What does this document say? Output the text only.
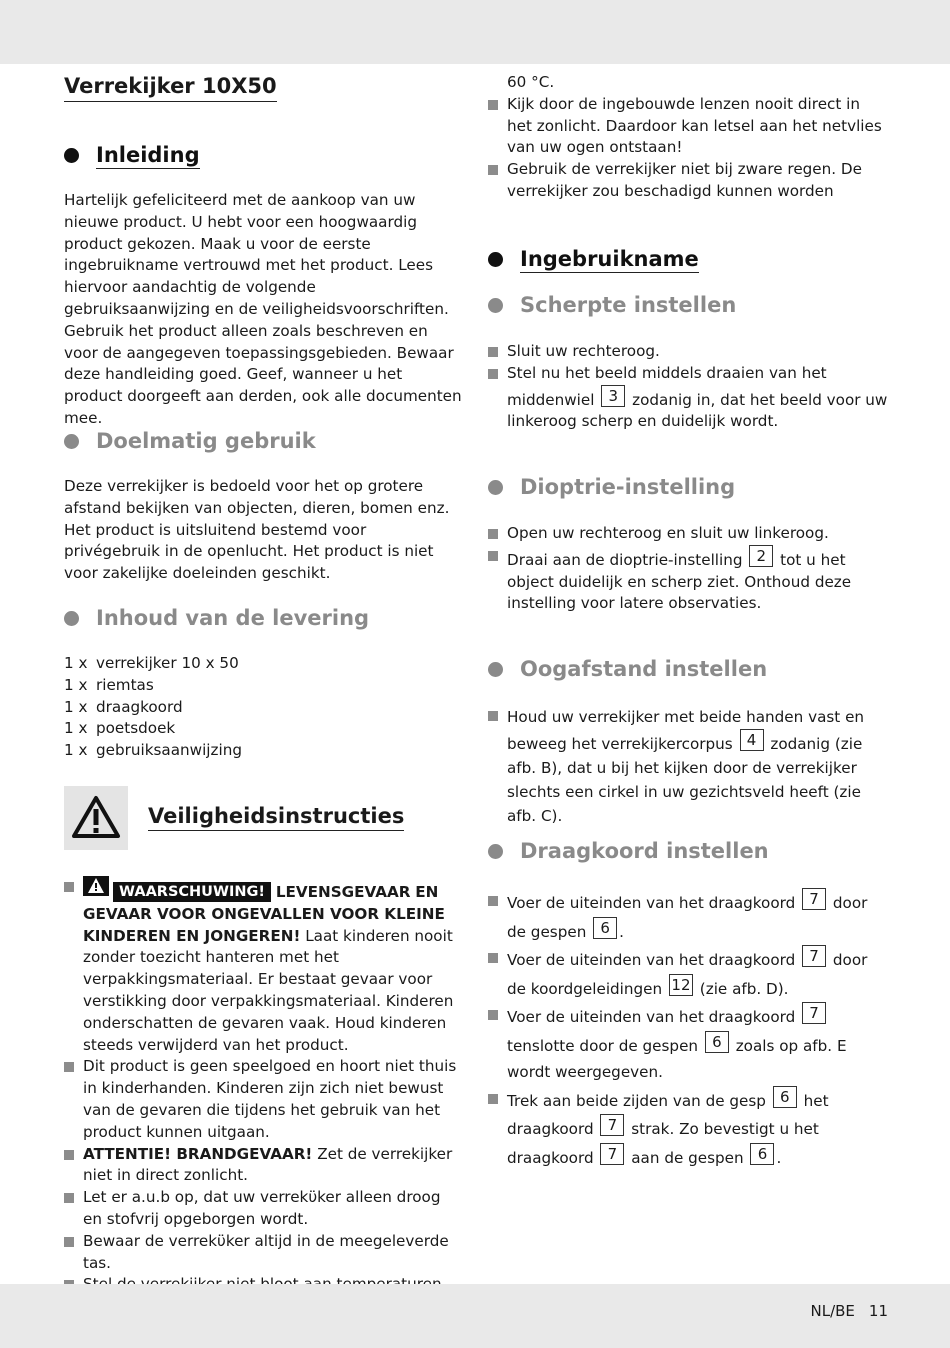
Verrekijker 10X50
Inleiding

Hartelijk gefeliciteerd met de aankoop van uw nieuwe product. U hebt voor een hoogwaardig product gekozen. Maak u voor de eerste ingebruikname vertrouwd met het product. Lees hiervoor aandachtig de volgende gebruiksaanwijzing en de veiligheidsvoorschriften. Gebruik het product alleen zoals beschreven en voor de aangegeven toepassingsgebieden. Bewaar deze handleiding goed. Geef, wanneer u het product doorgeeft aan derden, ook alle documenten mee.

Doelmatig gebruik

Deze verrekijker is bedoeld voor het op grotere afstand bekijken van objecten, dieren, bomen enz. Het product is uitsluitend bestemd voor privégebruik in de openlucht. Het product is niet voor zakelijke doeleinden geschikt.

Inhoud van de levering
1 x verrekijker 10 x 50
1 x riemtas
1 x draagkoord
1 x poetsdoek
1 x gebruiksaanwijzing
Veiligheidsinstructies
WAARSCHUWING! LEVENSGEVAAR EN GEVAAR VOOR ONGEVALLEN VOOR KLEINE KINDEREN EN JONGEREN! Laat kinderen nooit zonder toezicht hanteren met het verpakkingsmateriaal. Er bestaat gevaar voor verstikking door verpakkingsmateriaal. Kinderen onderschatten de gevaren vaak. Houd kinderen steeds verwijderd van het product.
Dit product is geen speelgoed en hoort niet thuis in kinderhanden. Kinderen zijn zich niet bewust van de gevaren die tijdens het gebruik van het product kunnen uitgaan.
ATTENTIE! BRANDGEVAAR! Zet de verrekijker niet in direct zonlicht.
Let er a.u.b op, dat uw verrekϋker alleen droog en stofvrij opgeborgen wordt.
Bewaar de verrekϋker altijd in de meegeleverde tas.

60 °C.

Kijk door de ingebouwde lenzen nooit direct in het zonlicht. Daardoor kan letsel aan het netvlies van uw ogen ontstaan!
Gebruik de verrekijker niet bij zware regen. De verrekijker zou beschadigd kunnen worden
Ingebruikname
Scherpte instellen
Sluit uw rechteroog.
Stel nu het beeld middels draaien van het middenwiel 3 zodanig in, dat het beeld voor uw linkeroog scherp en duidelijk wordt.
Dioptrie-instelling
Open uw rechteroog en sluit uw linkeroog.
Draai aan de dioptrie-instelling 2 tot u het object duidelijk en scherp ziet. Onthoud deze instelling voor latere observaties.
Oogafstand instellen
Houd uw verrekijker met beide handen vast en beweeg het verrekijkercorpus 4 zodanig (zie afb. B), dat u bij het kijken door de verrekijker slechts een cirkel in uw gezichtsveld heeft (zie afb. C).
Draagkoord instellen
Voer de uiteinden van het draagkoord 7 door de gespen 6 .
Voer de uiteinden van het draagkoord 7 door de koordgeleidingen 12 (zie afb. D).
Voer de uiteinden van het draagkoord 7 tenslotte door de gespen 6 zoals op afb. E wordt weergegeven.
Trek aan beide zijden van de gesp 6 het draagkoord 7 strak. Zo bevestigt u het draagkoord 7 aan de gespen 6 .
NL/BE 11
